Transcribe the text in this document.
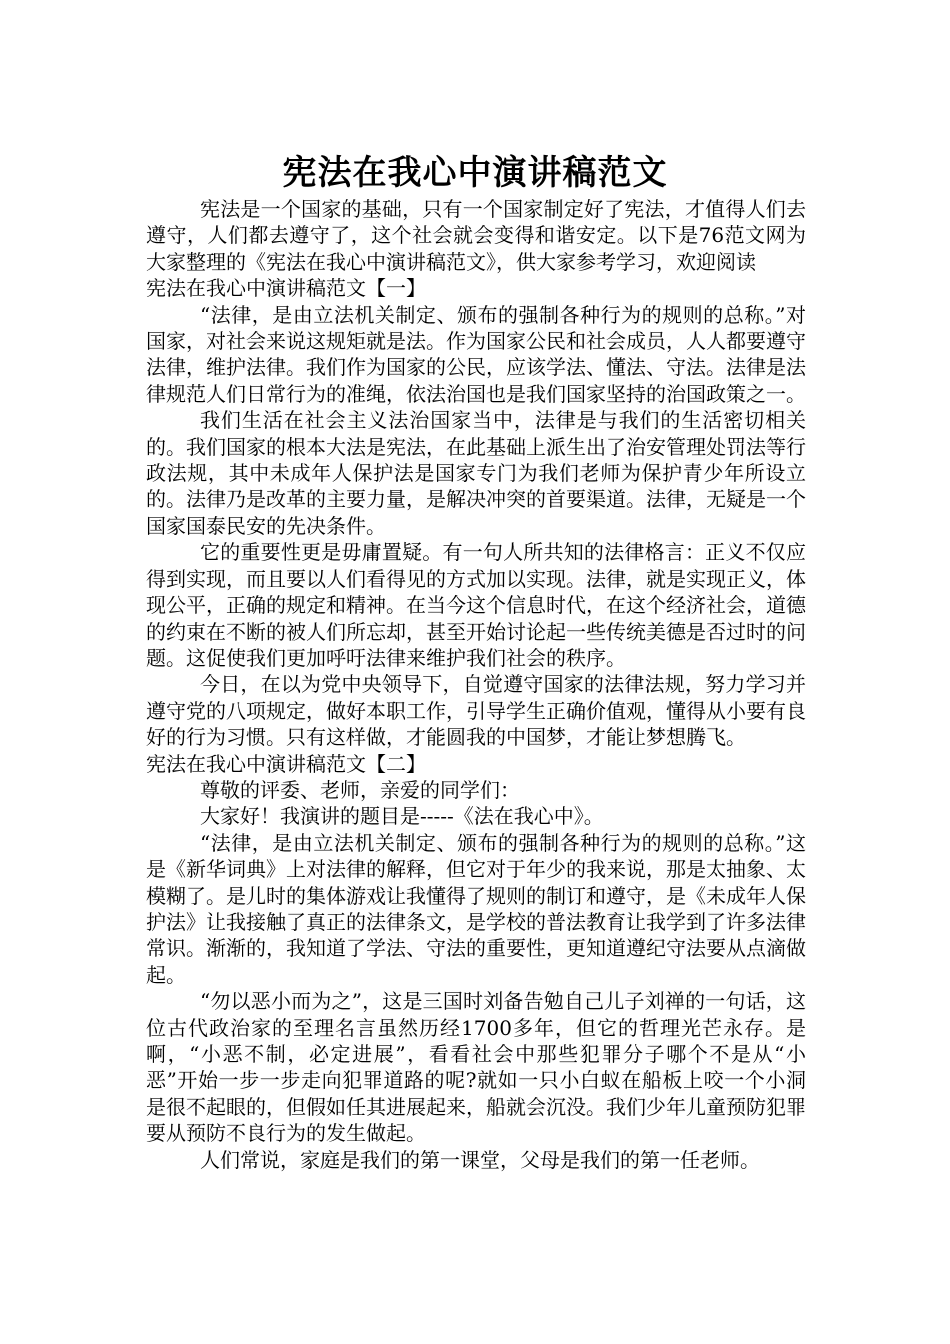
宪法在我心中演讲稿范文

宪法是一个国家的基础，只有一个国家制定好了宪法，才值得人们去遵守，人们都去遵守了，这个社会就会变得和谐安定。以下是76范文网为大家整理的《宪法在我心中演讲稿范文》，供大家参考学习，欢迎阅读

宪法在我心中演讲稿范文【一】

“法律，是由立法机关制定、颁布的强制各种行为的规则的总称。”对国家，对社会来说这规矩就是法。作为国家公民和社会成员，人人都要遵守法律，维护法律。我们作为国家的公民，应该学法、懂法、守法。法律是法律规范人们日常行为的准绳，依法治国也是我们国家坚持的治国政策之一。

我们生活在社会主义法治国家当中，法律是与我们的生活密切相关的。我们国家的根本大法是宪法，在此基础上派生出了治安管理处罚法等行政法规，其中未成年人保护法是国家专门为我们老师为保护青少年所设立的。法律乃是改革的主要力量，是解决冲突的首要渠道。法律，无疑是一个国家国泰民安的先决条件。

它的重要性更是毋庸置疑。有一句人所共知的法律格言：正义不仅应得到实现，而且要以人们看得见的方式加以实现。法律，就是实现正义，体现公平，正确的规定和精神。在当今这个信息时代，在这个经济社会，道德的约束在不断的被人们所忘却，甚至开始讨论起一些传统美德是否过时的问题。这促使我们更加呼吁法律来维护我们社会的秩序。

今日，在以为党中央领导下，自觉遵守国家的法律法规，努力学习并遵守党的八项规定，做好本职工作，引导学生正确价值观，懂得从小要有良好的行为习惯。只有这样做，才能圆我的中国梦，才能让梦想腾飞。

宪法在我心中演讲稿范文【二】

尊敬的评委、老师，亲爱的同学们：

大家好！我演讲的题目是-----《法在我心中》。

“法律，是由立法机关制定、颁布的强制各种行为的规则的总称。”这是《新华词典》上对法律的解释，但它对于年少的我来说，那是太抽象、太模糊了。是儿时的集体游戏让我懂得了规则的制订和遵守，是《未成年人保护法》让我接触了真正的法律条文，是学校的普法教育让我学到了许多法律常识。渐渐的，我知道了学法、守法的重要性，更知道遵纪守法要从点滴做起。

“勿以恶小而为之”，这是三国时刘备告勉自己儿子刘禅的一句话，这位古代政治家的至理名言虽然历经1700多年，但它的哲理光芒永存。是啊，“小恶不制，必定进展”，看看社会中那些犯罪分子哪个不是从“小恶”开始一步一步走向犯罪道路的呢?就如一只小白蚁在船板上咬一个小洞是很不起眼的，但假如任其进展起来，船就会沉没。我们少年儿童预防犯罪要从预防不良行为的发生做起。

人们常说，家庭是我们的第一课堂，父母是我们的第一任老师。
